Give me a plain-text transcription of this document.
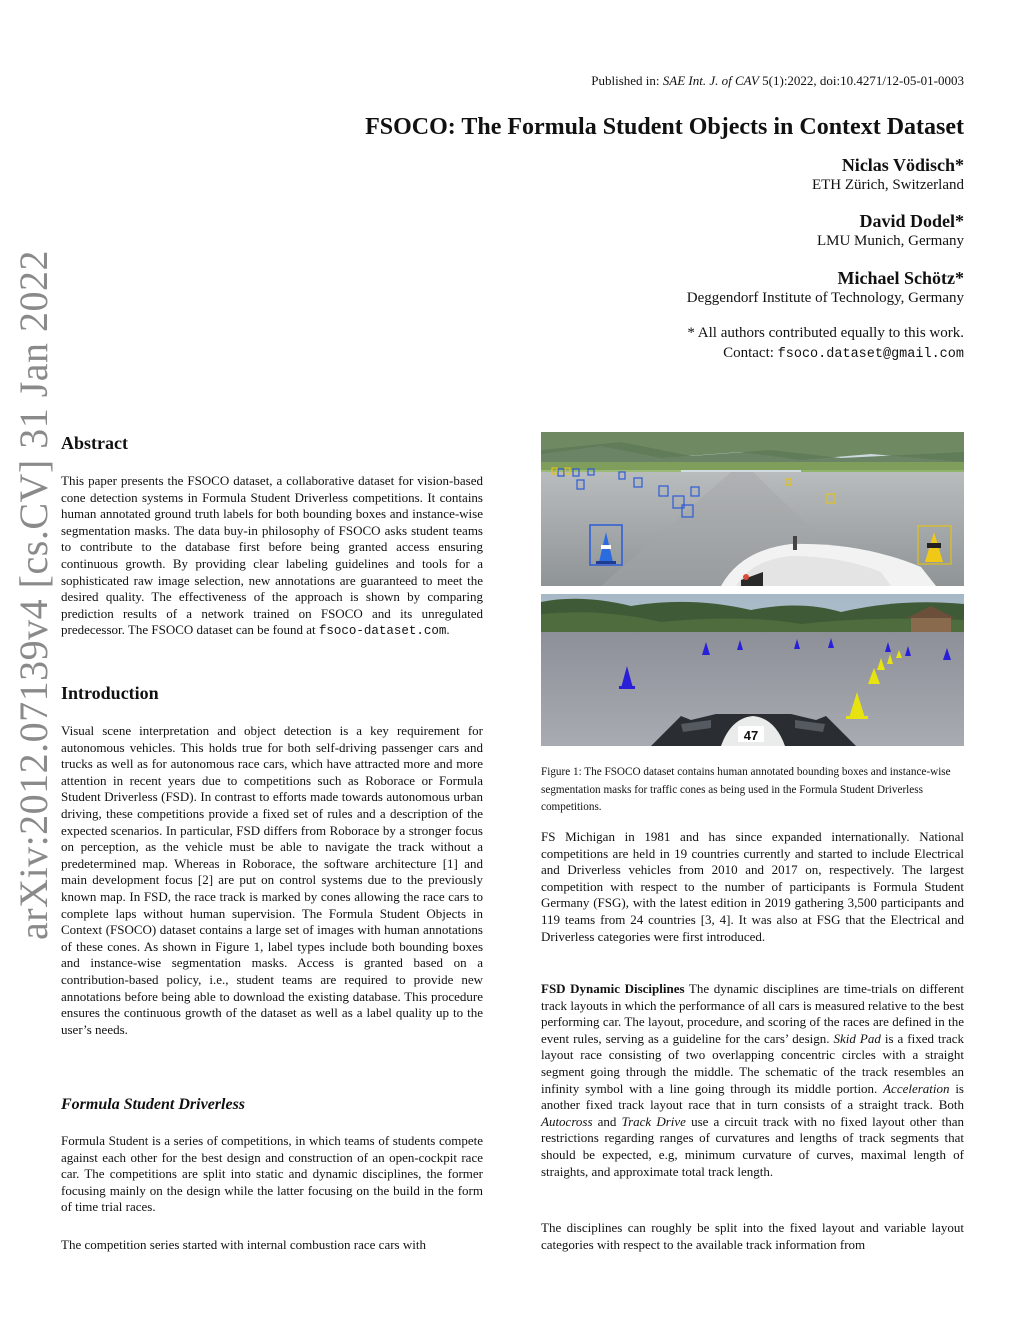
Published in: SAE Int. J. of CAV 5(1):2022, doi:10.4271/12-05-01-0003
FSOCO: The Formula Student Objects in Context Dataset
Niclas Vödisch*
ETH Zürich, Switzerland
David Dodel*
LMU Munich, Germany
Michael Schötz*
Deggendorf Institute of Technology, Germany
* All authors contributed equally to this work.
Contact: fsoco.dataset@gmail.com
arXiv:2012.07139v4 [cs.CV] 31 Jan 2022 Abstract
This paper presents the FSOCO dataset, a collaborative dataset for vision-based cone detection systems in Formula Student Driverless competitions. It contains human annotated ground truth labels for both bounding boxes and instance-wise segmentation masks. The data buy-in philosophy of FSOCO asks student teams to contribute to the database first before being granted access ensuring continuous growth. By providing clear labeling guidelines and tools for a sophisticated raw image selection, new annotations are guaranteed to meet the desired quality. The effectiveness of the approach is shown by comparing prediction results of a network trained on FSOCO and its unregulated predecessor. The FSOCO dataset can be found at fsoco-dataset.com.
Introduction
Visual scene interpretation and object detection is a key requirement for autonomous vehicles. This holds true for both self-driving passenger cars and trucks as well as for autonomous race cars, which have attracted more and more attention in recent years due to competitions such as Roborace or Formula Student Driverless (FSD). In contrast to efforts made towards autonomous urban driving, these competitions provide a fixed set of rules and a description of the expected scenarios. In particular, FSD differs from Roborace by a stronger focus on perception, as the vehicle must be able to navigate the track without a predetermined map. Whereas in Roborace, the software architecture [1] and main development focus [2] are put on control systems due to the previously known map. In FSD, the race track is marked by cones allowing the race cars to complete laps without human supervision. The Formula Student Objects in Context (FSOCO) dataset contains a large set of images with human annotations of these cones. As shown in Figure 1, label types include both bounding boxes and instance-wise segmentation masks. Access is granted based on a contribution-based policy, i.e., student teams are required to provide new annotations before being able to download the existing database. This procedure ensures the continuous growth of the dataset as well as a label quality up to the user’s needs.
Formula Student Driverless
Formula Student is a series of competitions, in which teams of students compete against each other for the best design and construction of an open-cockpit race car. The competitions are split into static and dynamic disciplines, the former focusing mainly on the design while the latter focusing on the build in the form of time trial races.
The competition series started with internal combustion race cars with
47
Figure 1: The FSOCO dataset contains human annotated bounding boxes and instance-wise segmentation masks for traffic cones as being used in the Formula Student Driverless competitions.
FS Michigan in 1981 and has since expanded internationally. National competitions are held in 19 countries currently and started to include Electrical and Driverless vehicles from 2010 and 2017 on, respectively. The largest competition with respect to the number of participants is Formula Student Germany (FSG), with the latest edition in 2019 gathering 3,500 participants and 119 teams from 24 countries [3, 4]. It was also at FSG that the Electrical and Driverless categories were first introduced.
FSD Dynamic Disciplines The dynamic disciplines are time-trials on different track layouts in which the performance of all cars is measured relative to the best performing car. The layout, procedure, and scoring of the races are defined in the event rules, serving as a guideline for the cars’ design. Skid Pad is a fixed track layout race consisting of two overlapping concentric circles with a straight segment going through the middle. The schematic of the track resembles an infinity symbol with a line going through its middle portion. Acceleration is another fixed track layout race that in turn consists of a straight track. Both Autocross and Track Drive use a circuit track with no fixed layout other than restrictions regarding ranges of curvatures and lengths of track segments that should be expected, e.g, minimum curvature of curves, maximal length of straights, and approximate total track length.
The disciplines can roughly be split into the fixed layout and variable layout categories with respect to the available track information from
